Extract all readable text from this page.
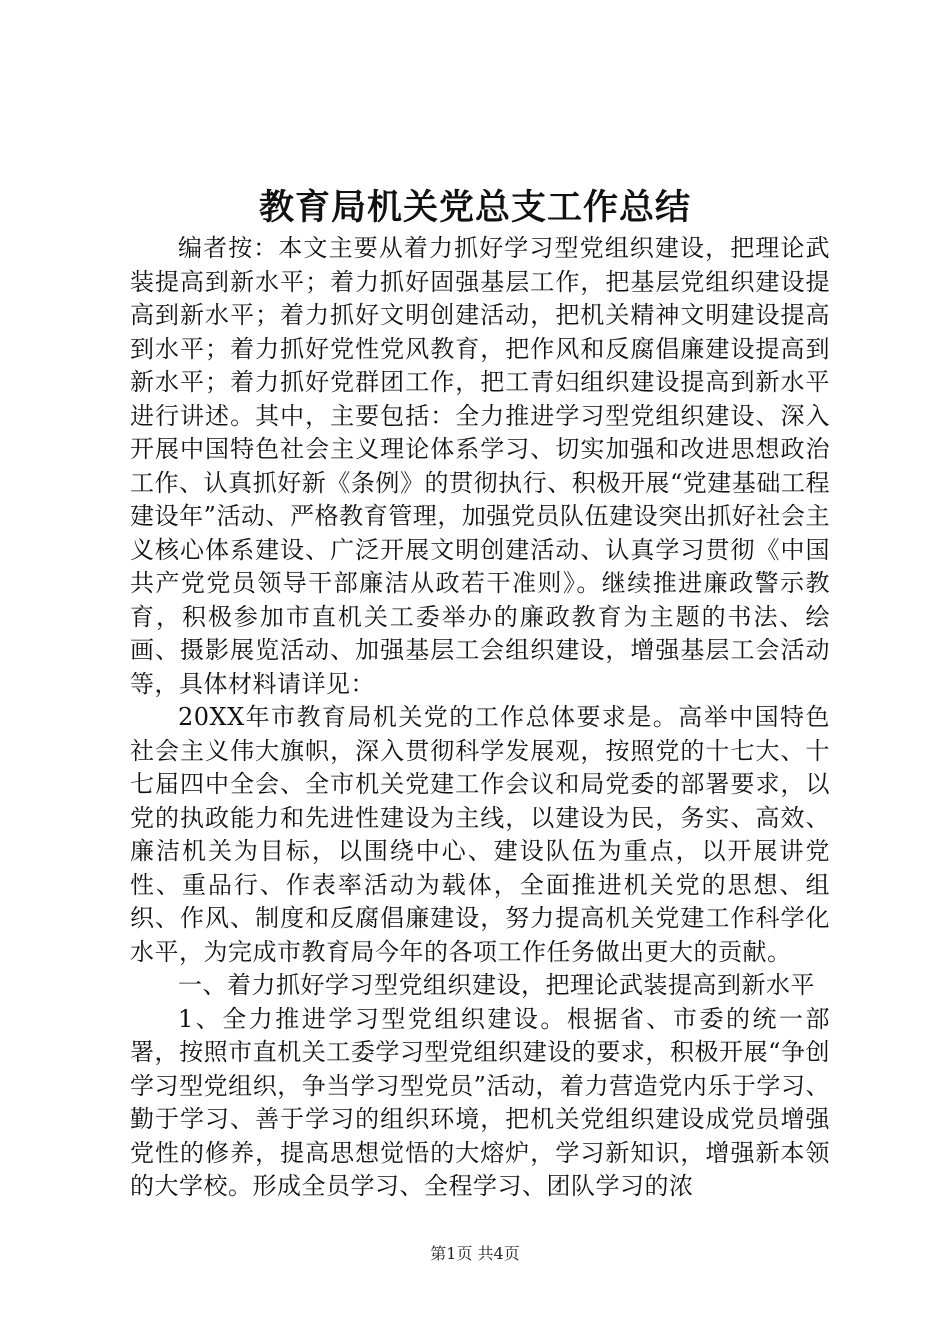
教育局机关党总支工作总结

编者按：本文主要从着力抓好学习型党组织建设，把理论武装提高到新水平；着力抓好固强基层工作，把基层党组织建设提高到新水平；着力抓好文明创建活动，把机关精神文明建设提高到水平；着力抓好党性党风教育，把作风和反腐倡廉建设提高到新水平；着力抓好党群团工作，把工青妇组织建设提高到新水平进行讲述。其中，主要包括：全力推进学习型党组织建设、深入开展中国特色社会主义理论体系学习、切实加强和改进思想政治工作、认真抓好新《条例》的贯彻执行、积极开展“党建基础工程建设年”活动、严格教育管理，加强党员队伍建设突出抓好社会主义核心体系建设、广泛开展文明创建活动、认真学习贯彻《中国共产党党员领导干部廉洁从政若干准则》。继续推进廉政警示教育，积极参加市直机关工委举办的廉政教育为主题的书法、绘画、摄影展览活动、加强基层工会组织建设，增强基层工会活动等，具体材料请详见：

20XX年市教育局机关党的工作总体要求是。高举中国特色社会主义伟大旗帜，深入贯彻科学发展观，按照党的十七大、十七届四中全会、全市机关党建工作会议和局党委的部署要求，以党的执政能力和先进性建设为主线，以建设为民，务实、高效、廉洁机关为目标，以围绕中心、建设队伍为重点，以开展讲党性、重品行、作表率活动为载体，全面推进机关党的思想、组织、作风、制度和反腐倡廉建设，努力提高机关党建工作科学化水平，为完成市教育局今年的各项工作任务做出更大的贡献。

一、着力抓好学习型党组织建设，把理论武装提高到新水平

1、全力推进学习型党组织建设。根据省、市委的统一部署，按照市直机关工委学习型党组织建设的要求，积极开展“争创学习型党组织，争当学习型党员”活动，着力营造党内乐于学习、勤于学习、善于学习的组织环境，把机关党组织建设成党员增强党性的修养，提高思想觉悟的大熔炉，学习新知识，增强新本领的大学校。形成全员学习、全程学习、团队学习的浓

第1页 共4页
